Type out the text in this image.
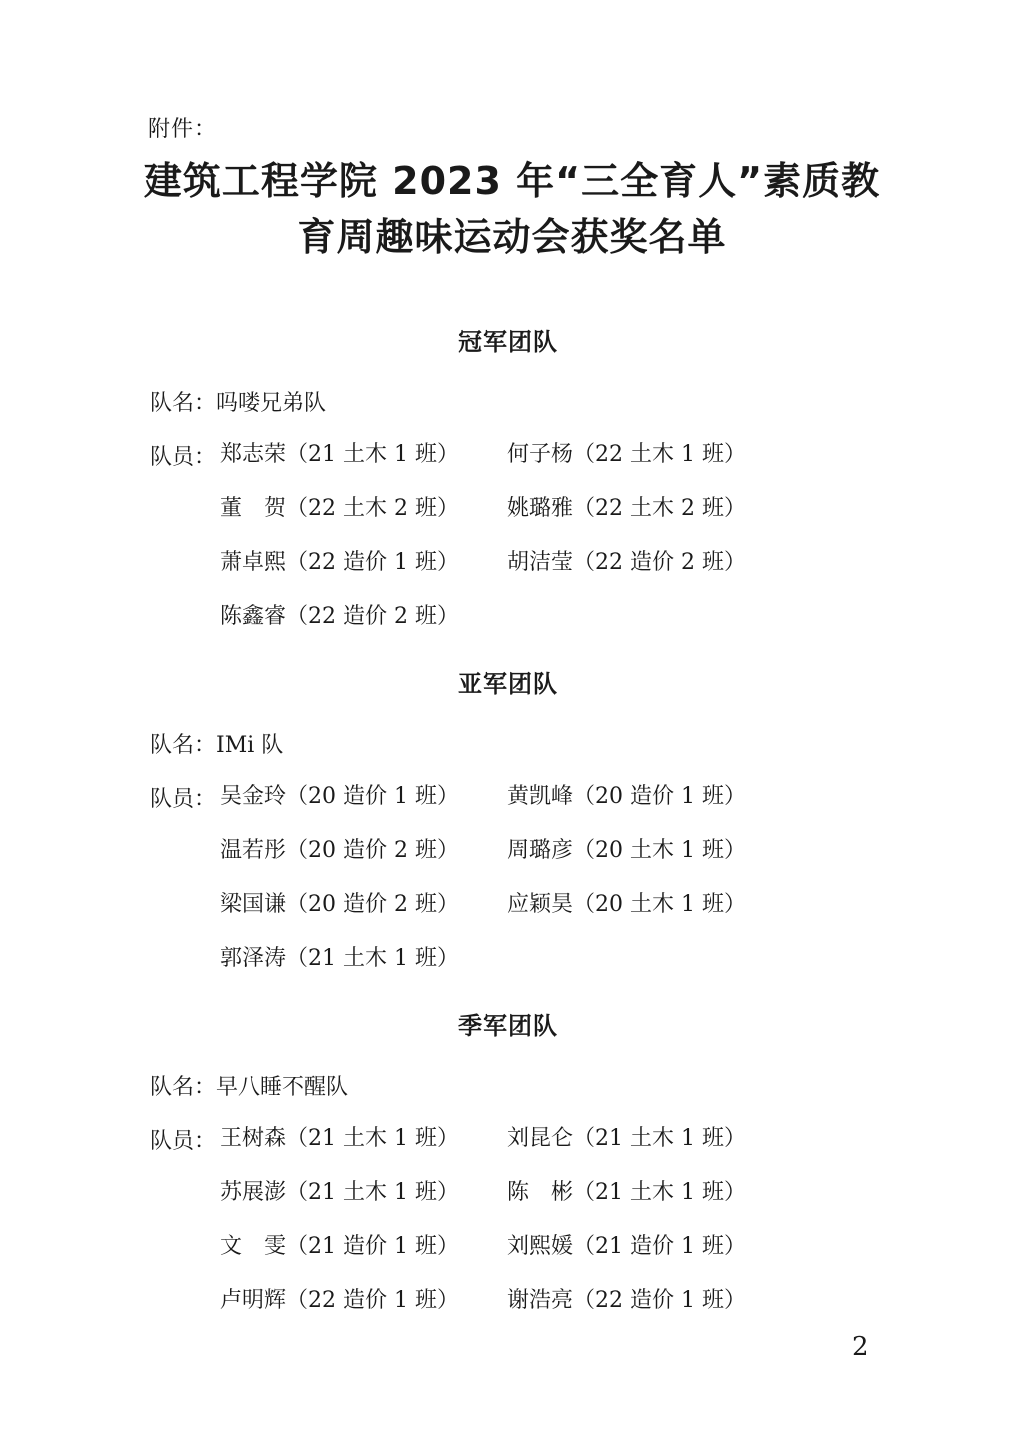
附件：
建筑工程学院 2023 年“三全育人”素质教
育周趣味运动会获奖名单
冠军团队
队名：吗喽兄弟队
队员： 郑志荣（21 土木 1 班） 何子杨（22 土木 1 班）
董　贺（22 土木 2 班） 姚璐雅（22 土木 2 班）
萧卓熙（22 造价 1 班） 胡洁莹（22 造价 2 班）
陈鑫睿（22 造价 2 班）
亚军团队
队名：IMi 队
队员： 吴金玲（20 造价 1 班） 黄凯峰（20 造价 1 班）
温若彤（20 造价 2 班） 周璐彦（20 土木 1 班）
梁国谦（20 造价 2 班） 应颖昊（20 土木 1 班）
郭泽涛（21 土木 1 班）
季军团队
队名：早八睡不醒队
队员： 王树森（21 土木 1 班） 刘昆仑（21 土木 1 班）
苏展澎（21 土木 1 班） 陈　彬（21 土木 1 班）
文　雯（21 造价 1 班） 刘熙媛（21 造价 1 班）
卢明辉（22 造价 1 班） 谢浩亮（22 造价 1 班）
2
